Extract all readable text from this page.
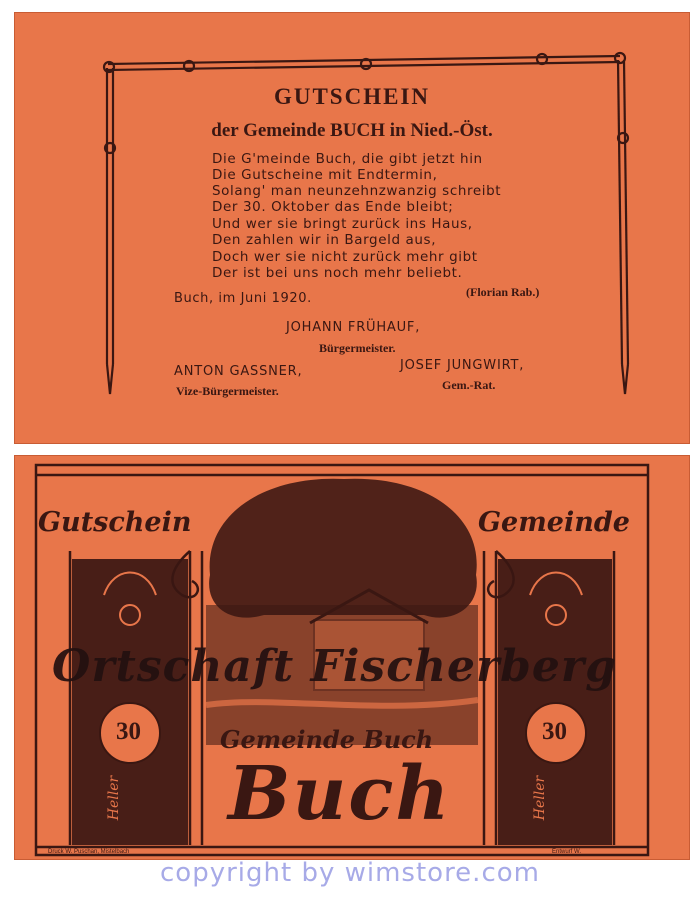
GUTSCHEIN
der Gemeinde BUCH in Nied.-Öst.
Die G'meinde Buch, die gibt jetzt hin
Die Gutscheine mit Endtermin,
Solang' man neunzehnzwanzig schreibt
Der 30. Oktober das Ende bleibt;
Und wer sie bringt zurück ins Haus,
Den zahlen wir in Bargeld aus,
Doch wer sie nicht zurück mehr gibt
Der ist bei uns noch mehr beliebt.
(Florian Rab.)
Buch, im Juni 1920.
JOHANN FRÜHAUF,
Bürgermeister.
ANTON GASSNER,
Vize-Bürgermeister.
JOSEF JUNGWIRT,
Gem.-Rat.
Gutschein	Gemeinde
30	30
Heller	Heller
Ortschaft Fischerberg
Gemeinde Buch
Buch
Druck W. Puschan, Mistelbach	Entwurf W.
copyright by wimstore.com
